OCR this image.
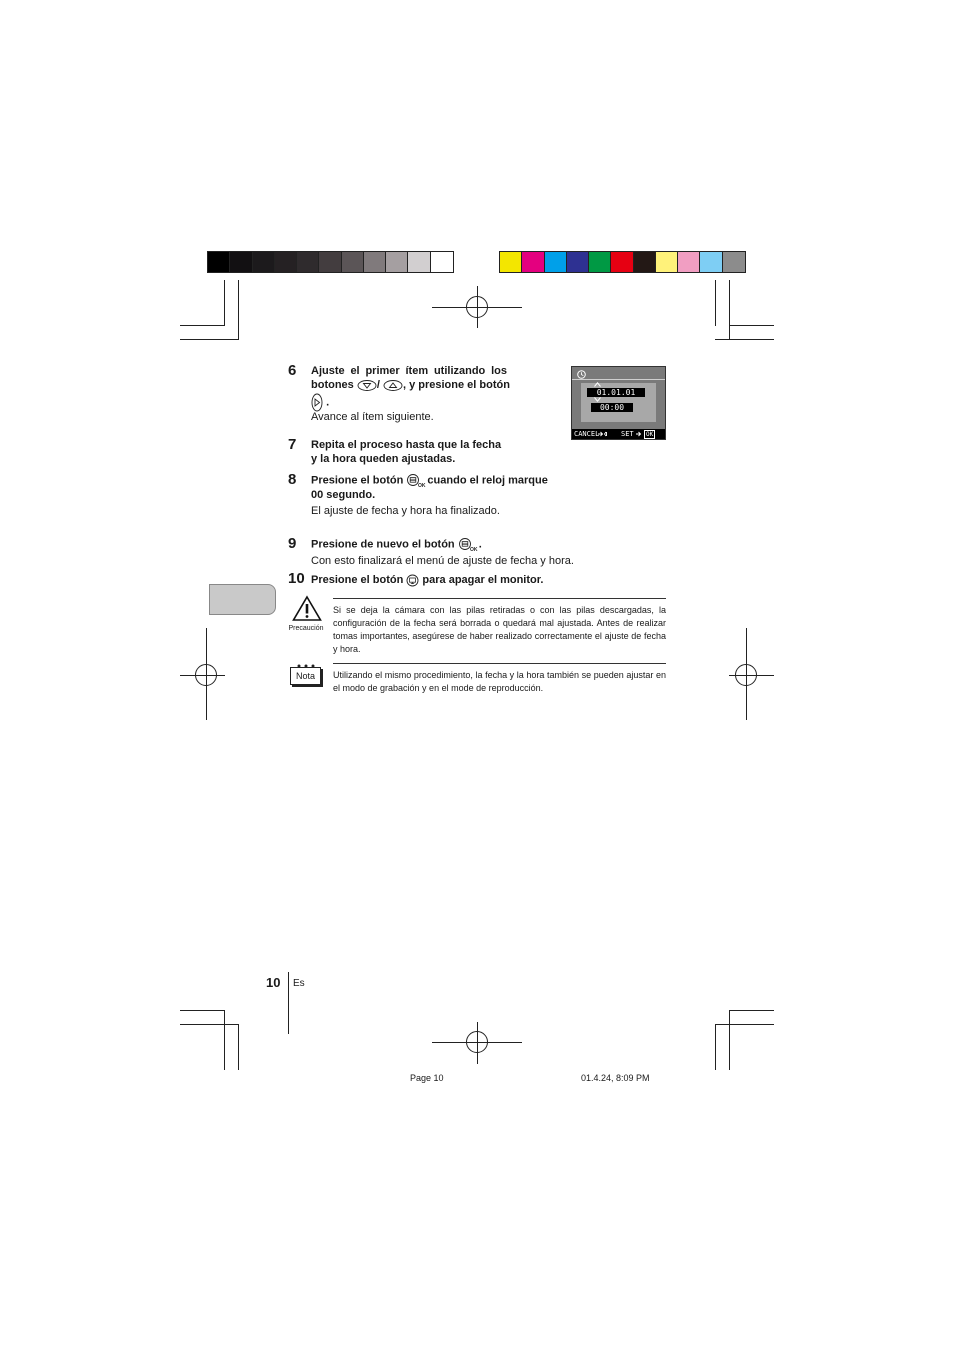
6 Ajuste el primer ítem utilizando los
botones / , y presione el botón
.
Avance al ítem siguiente.
01.01.01
00:00
CANCEL	SET	OK
7 Repita el proceso hasta que la fecha
y la hora queden ajustadas.
8 Presione el botón	OK cuando el reloj marque
00 segundo.
El ajuste de fecha y hora ha finalizado.
9 Presione de nuevo el botón	OK .
Con esto finalizará el menú de ajuste de fecha y hora.
10 Presione el botón para apagar el monitor.
Precaución
Si se deja la cámara con las pilas retiradas o con las pilas descargadas, la configuración de la fecha será borrada o quedará mal ajustada. Antes de realizar tomas importantes, asegúrese de haber realizado correctamente el ajuste de fecha y hora.
Nota	Utilizando el mismo procedimiento, la fecha y la hora también se pueden ajustar en el modo de grabación y en el mode de reproducción.
10 Es
Page 10	01.4.24, 8:09 PM
